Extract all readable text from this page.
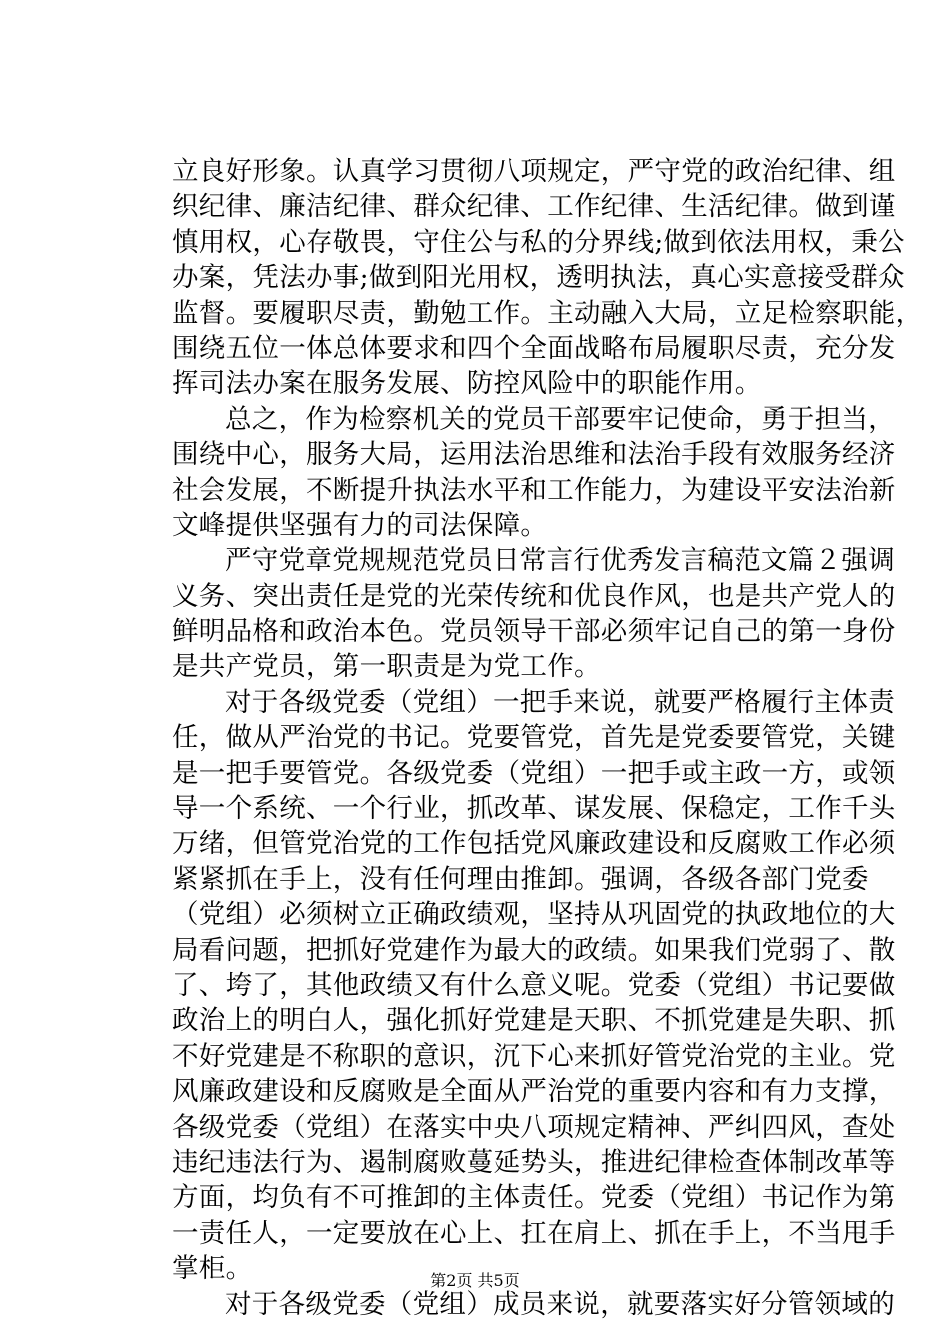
立良好形象。认真学习贯彻八项规定，严守党的政治纪律、组
织纪律、廉洁纪律、群众纪律、工作纪律、生活纪律。做到谨
慎用权，心存敬畏，守住公与私的分界线;做到依法用权，秉公
办案，凭法办事;做到阳光用权，透明执法，真心实意接受群众
监督。要履职尽责，勤勉工作。主动融入大局，立足检察职能，
围绕五位一体总体要求和四个全面战略布局履职尽责，充分发
挥司法办案在服务发展、防控风险中的职能作用。
总之，作为检察机关的党员干部要牢记使命，勇于担当，
围绕中心，服务大局，运用法治思维和法治手段有效服务经济
社会发展，不断提升执法水平和工作能力，为建设平安法治新
文峰提供坚强有力的司法保障。
严守党章党规规范党员日常言行优秀发言稿范文篇２强调
义务、突出责任是党的光荣传统和优良作风，也是共产党人的
鲜明品格和政治本色。党员领导干部必须牢记自己的第一身份
是共产党员，第一职责是为党工作。
对于各级党委（党组）一把手来说，就要严格履行主体责
任，做从严治党的书记。党要管党，首先是党委要管党，关键
是一把手要管党。各级党委（党组）一把手或主政一方，或领
导一个系统、一个行业，抓改革、谋发展、保稳定，工作千头
万绪，但管党治党的工作包括党风廉政建设和反腐败工作必须
紧紧抓在手上，没有任何理由推卸。强调，各级各部门党委
（党组）必须树立正确政绩观，坚持从巩固党的执政地位的大
局看问题，把抓好党建作为最大的政绩。如果我们党弱了、散
了、垮了，其他政绩又有什么意义呢。党委（党组）书记要做
政治上的明白人，强化抓好党建是天职、不抓党建是失职、抓
不好党建是不称职的意识，沉下心来抓好管党治党的主业。党
风廉政建设和反腐败是全面从严治党的重要内容和有力支撑，
各级党委（党组）在落实中央八项规定精神、严纠四风，查处
违纪违法行为、遏制腐败蔓延势头，推进纪律检查体制改革等
方面，均负有不可推卸的主体责任。党委（党组）书记作为第
一责任人，一定要放在心上、扛在肩上、抓在手上，不当甩手
掌柜。
对于各级党委（党组）成员来说，就要落实好分管领域的
第2页 共5页
